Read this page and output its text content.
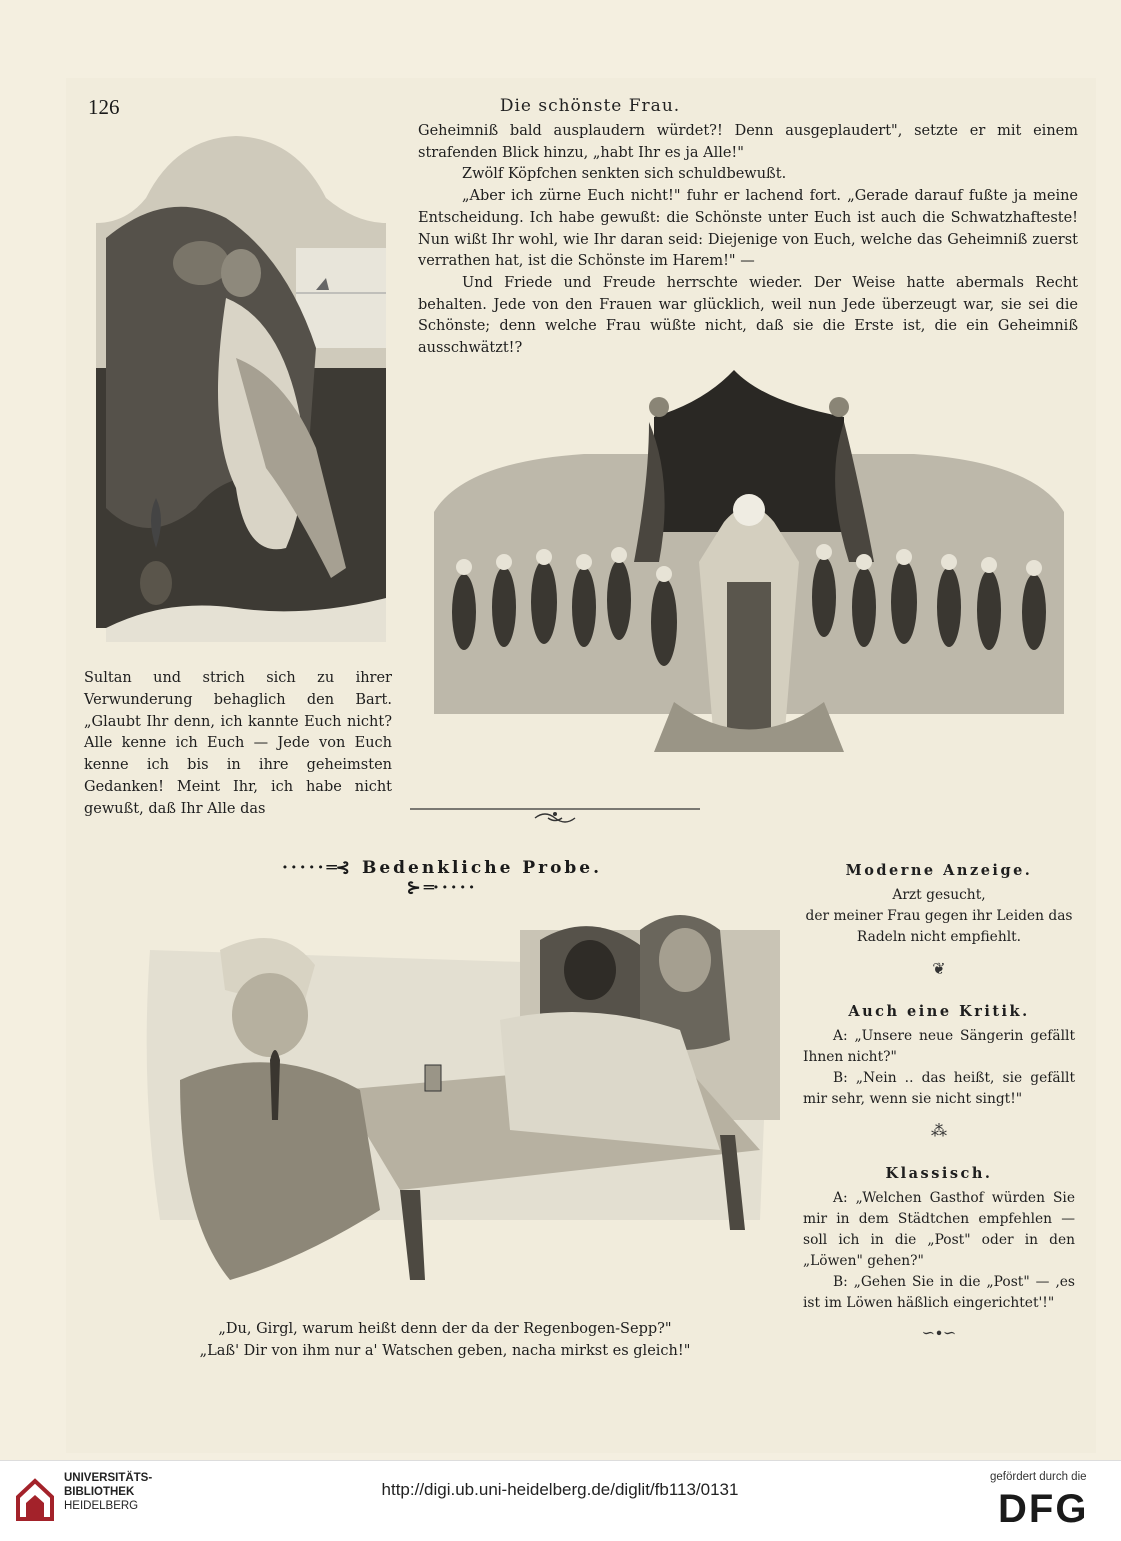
126	Die schönste Frau.

Geheimniß bald ausplaudern würdet?! Denn ausgeplaudert", setzte er mit einem strafenden Blick hinzu, „habt Ihr es ja Alle!"

Zwölf Köpfchen senkten sich schuldbewußt.

„Aber ich zürne Euch nicht!" fuhr er lachend fort. „Gerade darauf fußte ja meine Entscheidung. Ich habe gewußt: die Schönste unter Euch ist auch die Schwatzhafteste! Nun wißt Ihr wohl, wie Ihr daran seid: Diejenige von Euch, welche das Geheimniß zuerst verrathen hat, ist die Schönste im Harem!" —

Und Friede und Freude herrschte wieder. Der Weise hatte abermals Recht behalten. Jede von den Frauen war glücklich, weil nun Jede überzeugt war, sie sei die Schönste; denn welche Frau wüßte nicht, daß sie die Erste ist, die ein Geheimniß ausschwätzt!?

Sultan und strich sich zu ihrer Verwunderung behaglich den Bart. „Glaubt Ihr denn, ich kannte Euch nicht? Alle kenne ich Euch — Jede von Euch kenne ich bis in ihre geheimsten Gedanken! Meint Ihr, ich habe nicht gewußt, daß Ihr Alle das
·····═⊰ Bedenkliche Probe. ⊱═·····
„Du, Girgl, warum heißt denn der da der Regenbogen-Sepp?"
„Laß' Dir von ihm nur a' Watschen geben, nacha mirkst es gleich!"
Moderne Anzeige.
Arzt gesucht,
der meiner Frau gegen ihr Leiden das Radeln nicht empfiehlt.
❦
Auch eine Kritik.

A: „Unsere neue Sängerin gefällt Ihnen nicht?"

B: „Nein .. das heißt, sie gefällt mir sehr, wenn sie nicht singt!"

⁂
Klassisch.

A: „Welchen Gasthof würden Sie mir in dem Städtchen empfehlen — soll ich in die „Post" oder in den „Löwen" gehen?"

B: „Gehen Sie in die „Post" — ‚es ist im Löwen häßlich eingerichtet'!"

∽∙∽
UNIVERSITÄTS-
BIBLIOTHEK
HEIDELBERG
http://digi.ub.uni-heidelberg.de/diglit/fb113/0131
gefördert durch die
DFG
